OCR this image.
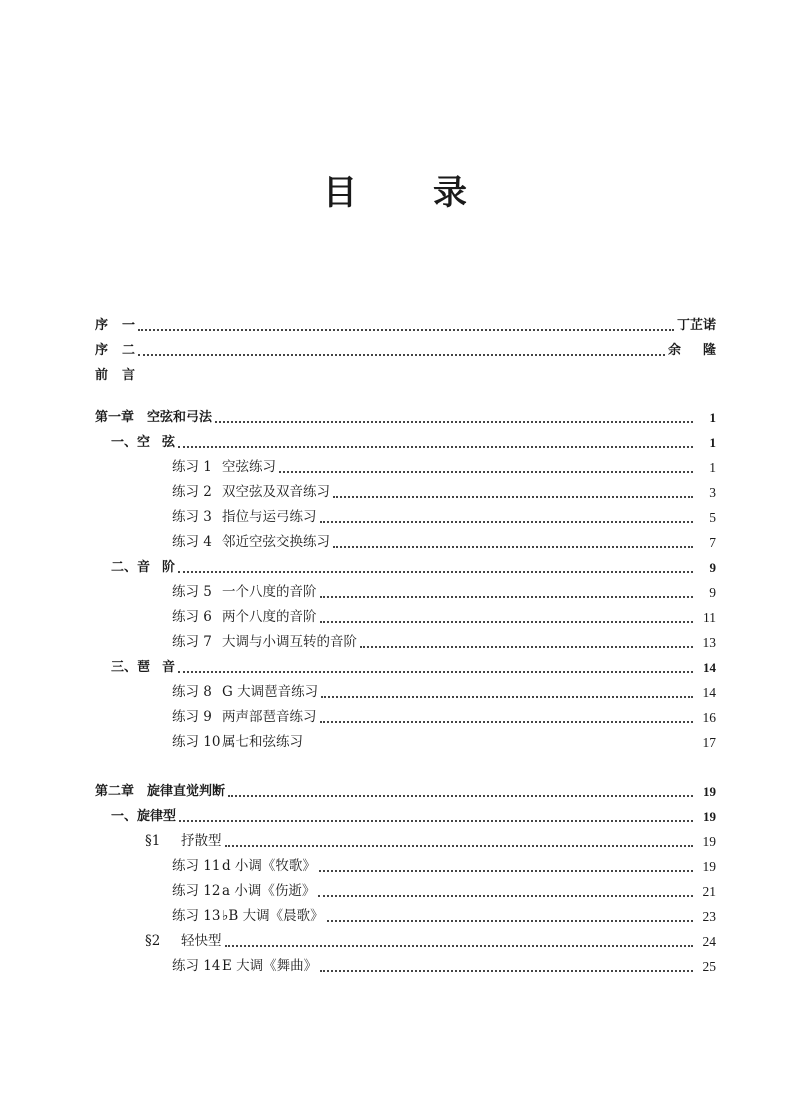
目 录
序 一	丁芷诺
序 二	余 隆
前 言
第一章　空弦和弓法	1
一、空 弦	1
练习 1 空弦练习	1
练习 2 双空弦及双音练习	3
练习 3 指位与运弓练习	5
练习 4 邻近空弦交换练习	7
二、音 阶	9
练习 5 一个八度的音阶	9
练习 6 两个八度的音阶	11
练习 7 大调与小调互转的音阶	13
三、琶 音	14
练习 8 G 大调琶音练习	14
练习 9 两声部琶音练习	16
练习 10 属七和弦练习	17
第二章　旋律直觉判断	19
一、旋律型	19
§1 抒散型	19
练习 11 d 小调《牧歌》	19
练习 12 a 小调《伤逝》	21
练习 13 ♭B 大调《晨歌》	23
§2 轻快型	24
练习 14 E 大调《舞曲》	25
